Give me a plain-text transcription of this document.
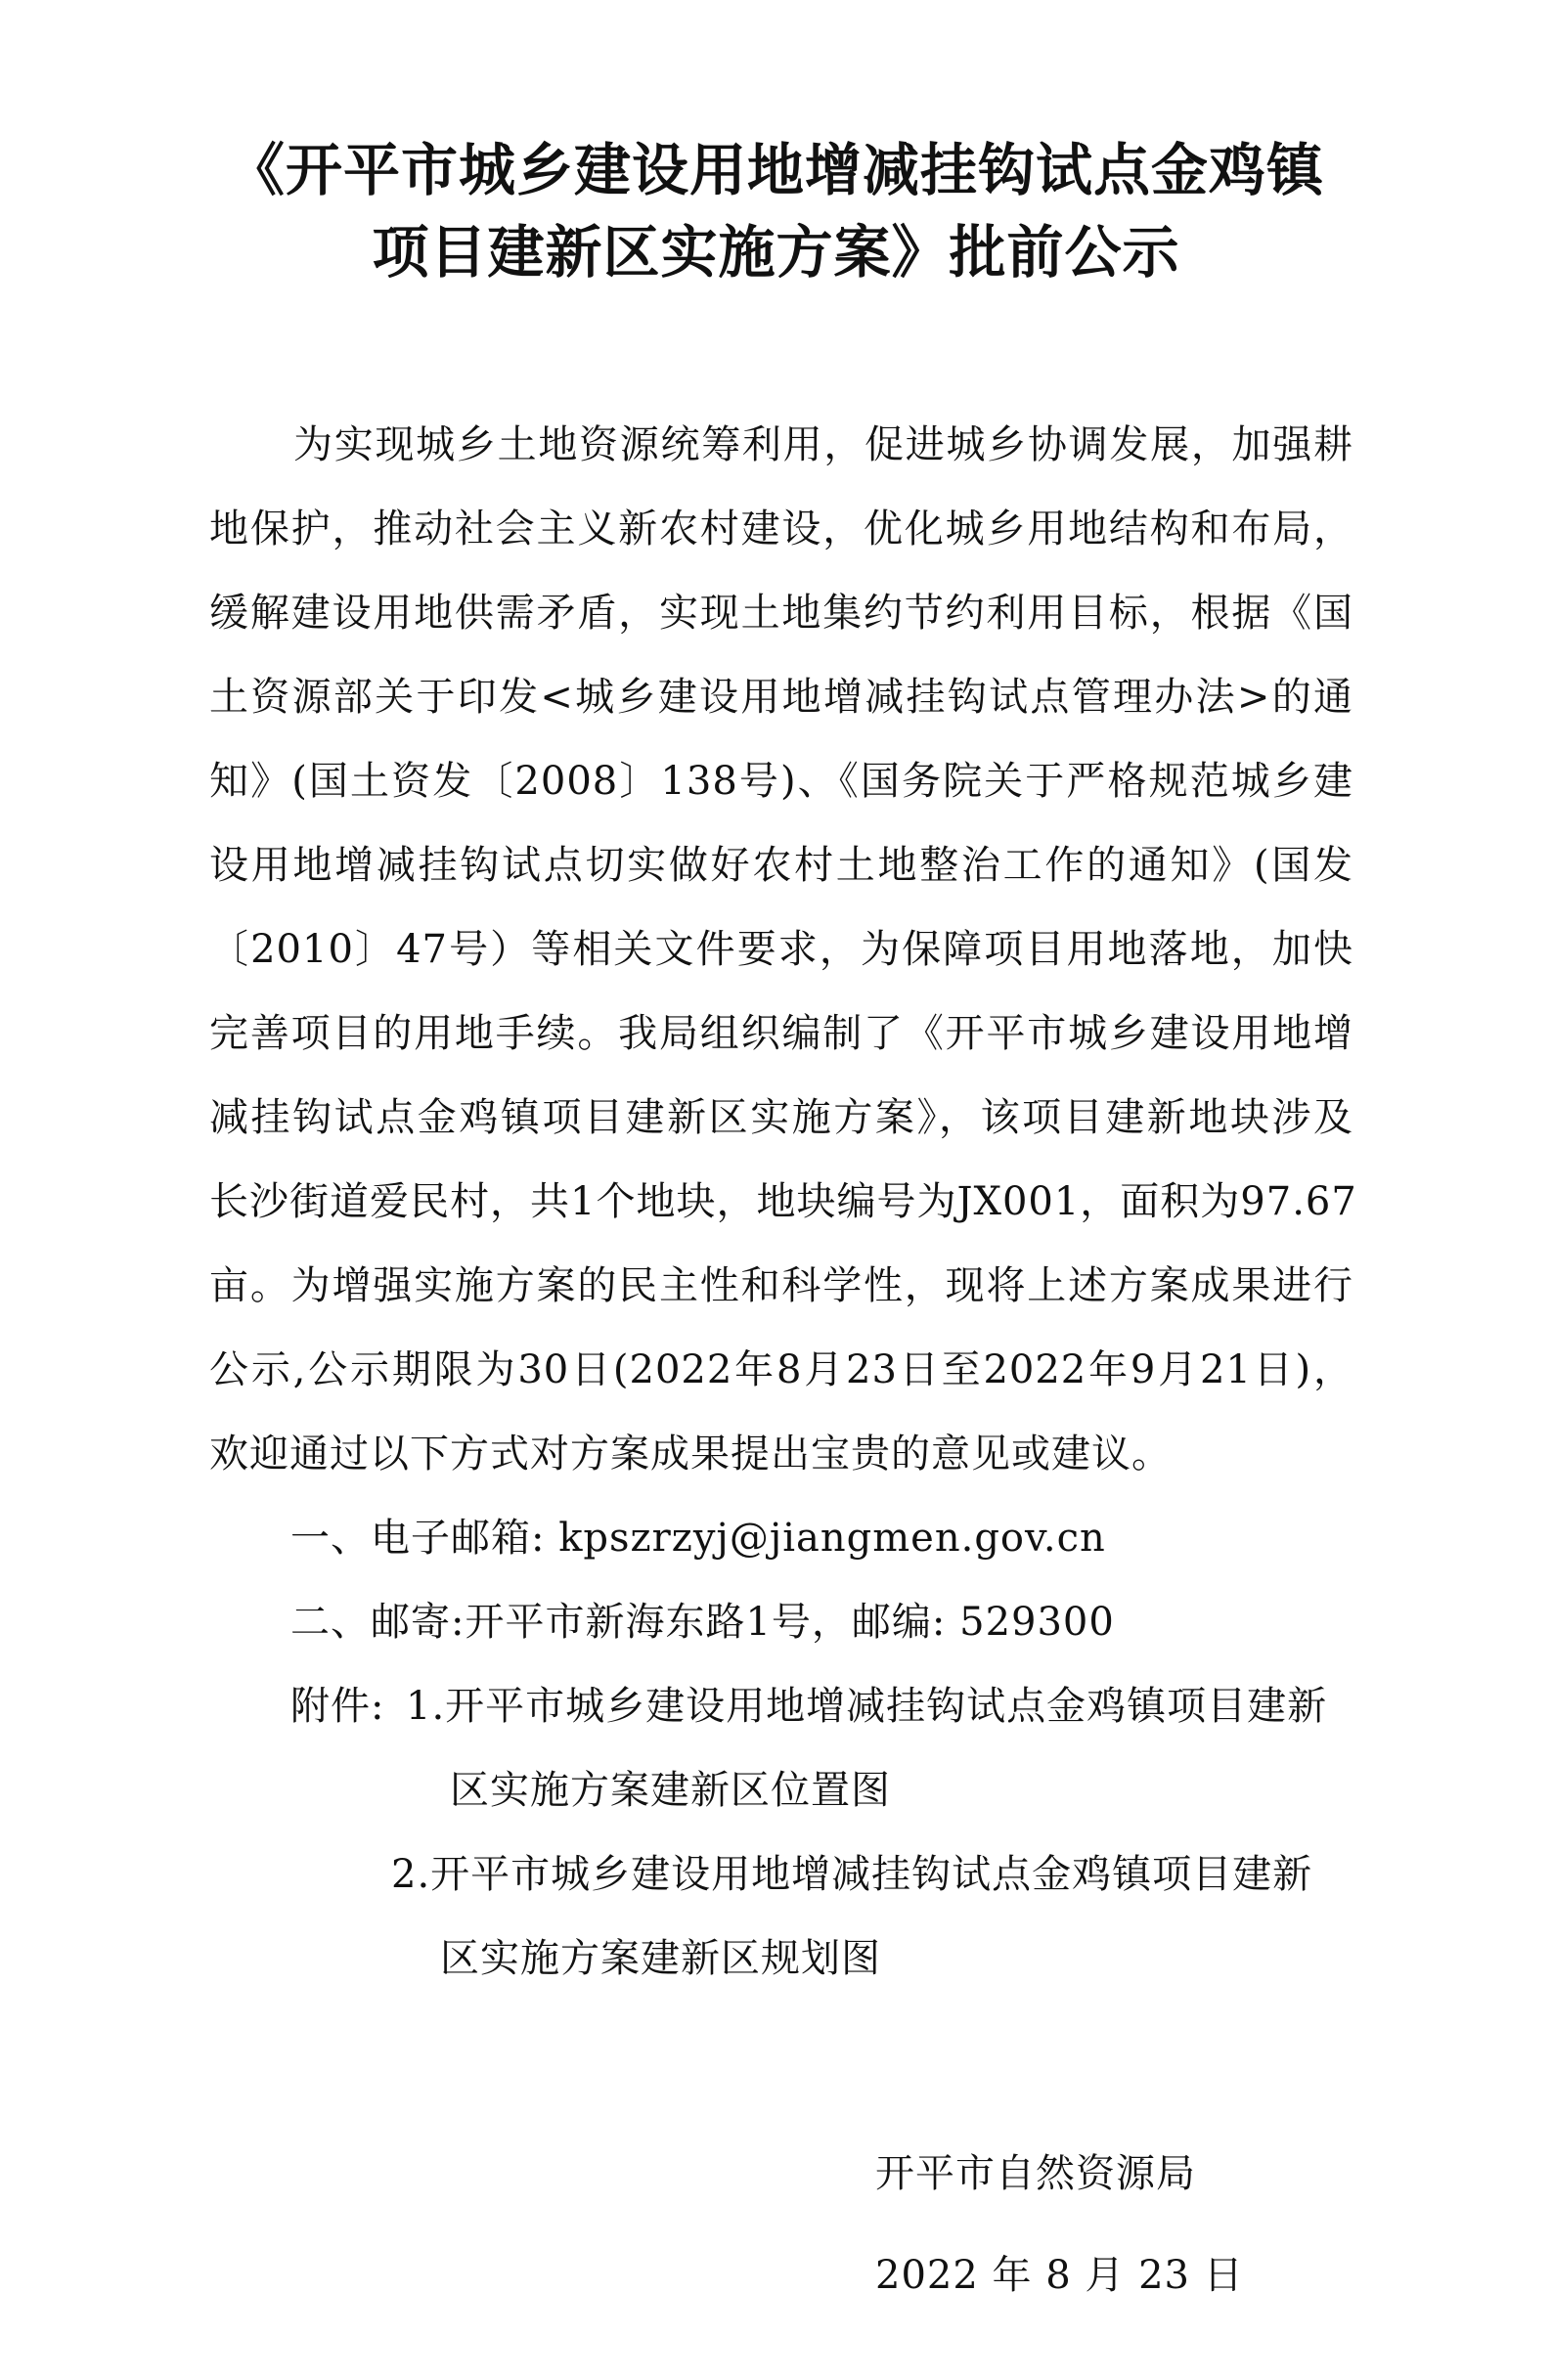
《开平市城乡建设用地增减挂钩试点金鸡镇
项目建新区实施方案》批前公示
为实现城乡土地资源统筹利用，促进城乡协调发展，加强耕
地保护，推动社会主义新农村建设，优化城乡用地结构和布局，
缓解建设用地供需矛盾，实现土地集约节约利用目标，根据《国
土资源部关于印发<城乡建设用地增减挂钩试点管理办法>的通
知》(国土资发〔2008〕138号)、《国务院关于严格规范城乡建
设用地增减挂钩试点切实做好农村土地整治工作的通知》(国发
〔2010〕47号）等相关文件要求，为保障项目用地落地，加快
完善项目的用地手续。我局组织编制了《开平市城乡建设用地增
减挂钩试点金鸡镇项目建新区实施方案》，该项目建新地块涉及
长沙街道爱民村，共1个地块，地块编号为JX001，面积为97.67
亩。为增强实施方案的民主性和科学性，现将上述方案成果进行
公示,公示期限为30日(2022年8月23日至2022年9月21日)，
欢迎通过以下方式对方案成果提出宝贵的意见或建议。
一、电子邮箱: kpszrzyj@jiangmen.gov.cn
二、邮寄:开平市新海东路1号，邮编: 529300
附件: 1.开平市城乡建设用地增减挂钩试点金鸡镇项目建新
区实施方案建新区位置图
2.开平市城乡建设用地增减挂钩试点金鸡镇项目建新
区实施方案建新区规划图
开平市自然资源局
2022 年 8 月 23 日
